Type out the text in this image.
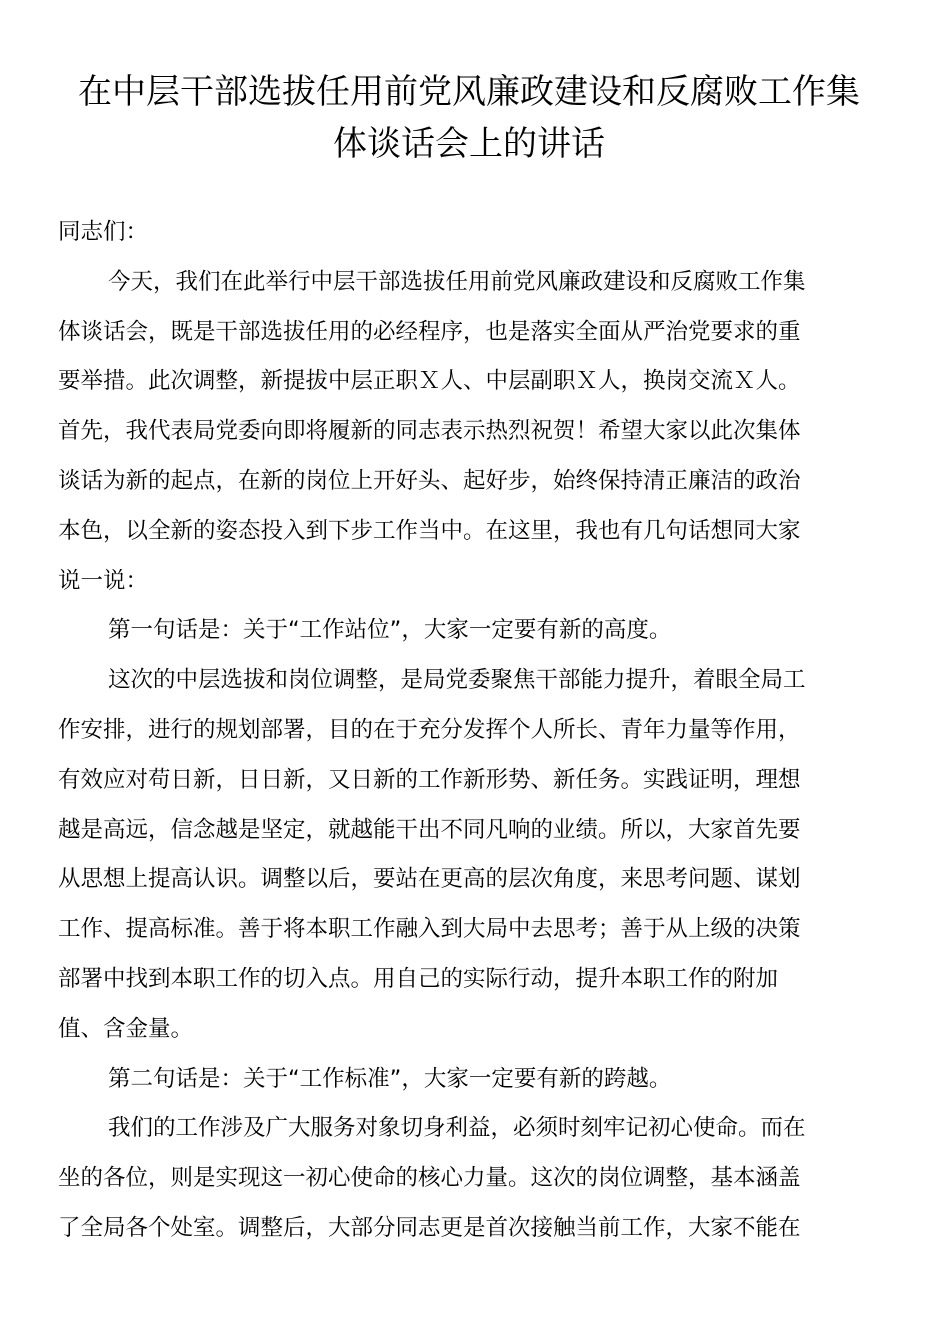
在中层干部选拔任用前党风廉政建设和反腐败工作集
体谈话会上的讲话

同志们：

今天，我们在此举行中层干部选拔任用前党风廉政建设和反腐败工作集
体谈话会，既是干部选拔任用的必经程序，也是落实全面从严治党要求的重
要举措。此次调整，新提拔中层正职Ｘ人、中层副职Ｘ人，换岗交流Ｘ人。
首先，我代表局党委向即将履新的同志表示热烈祝贺！希望大家以此次集体
谈话为新的起点，在新的岗位上开好头、起好步，始终保持清正廉洁的政治
本色，以全新的姿态投入到下步工作当中。在这里，我也有几句话想同大家
说一说：

第一句话是：关于“工作站位”，大家一定要有新的高度。

这次的中层选拔和岗位调整，是局党委聚焦干部能力提升，着眼全局工
作安排，进行的规划部署，目的在于充分发挥个人所长、青年力量等作用，
有效应对苟日新，日日新，又日新的工作新形势、新任务。实践证明，理想
越是高远，信念越是坚定，就越能干出不同凡响的业绩。所以，大家首先要
从思想上提高认识。调整以后，要站在更高的层次角度，来思考问题、谋划
工作、提高标准。善于将本职工作融入到大局中去思考；善于从上级的决策
部署中找到本职工作的切入点。用自己的实际行动，提升本职工作的附加
值、含金量。

第二句话是：关于“工作标准”，大家一定要有新的跨越。

我们的工作涉及广大服务对象切身利益，必须时刻牢记初心使命。而在
坐的各位，则是实现这一初心使命的核心力量。这次的岗位调整，基本涵盖
了全局各个处室。调整后，大部分同志更是首次接触当前工作，大家不能在
